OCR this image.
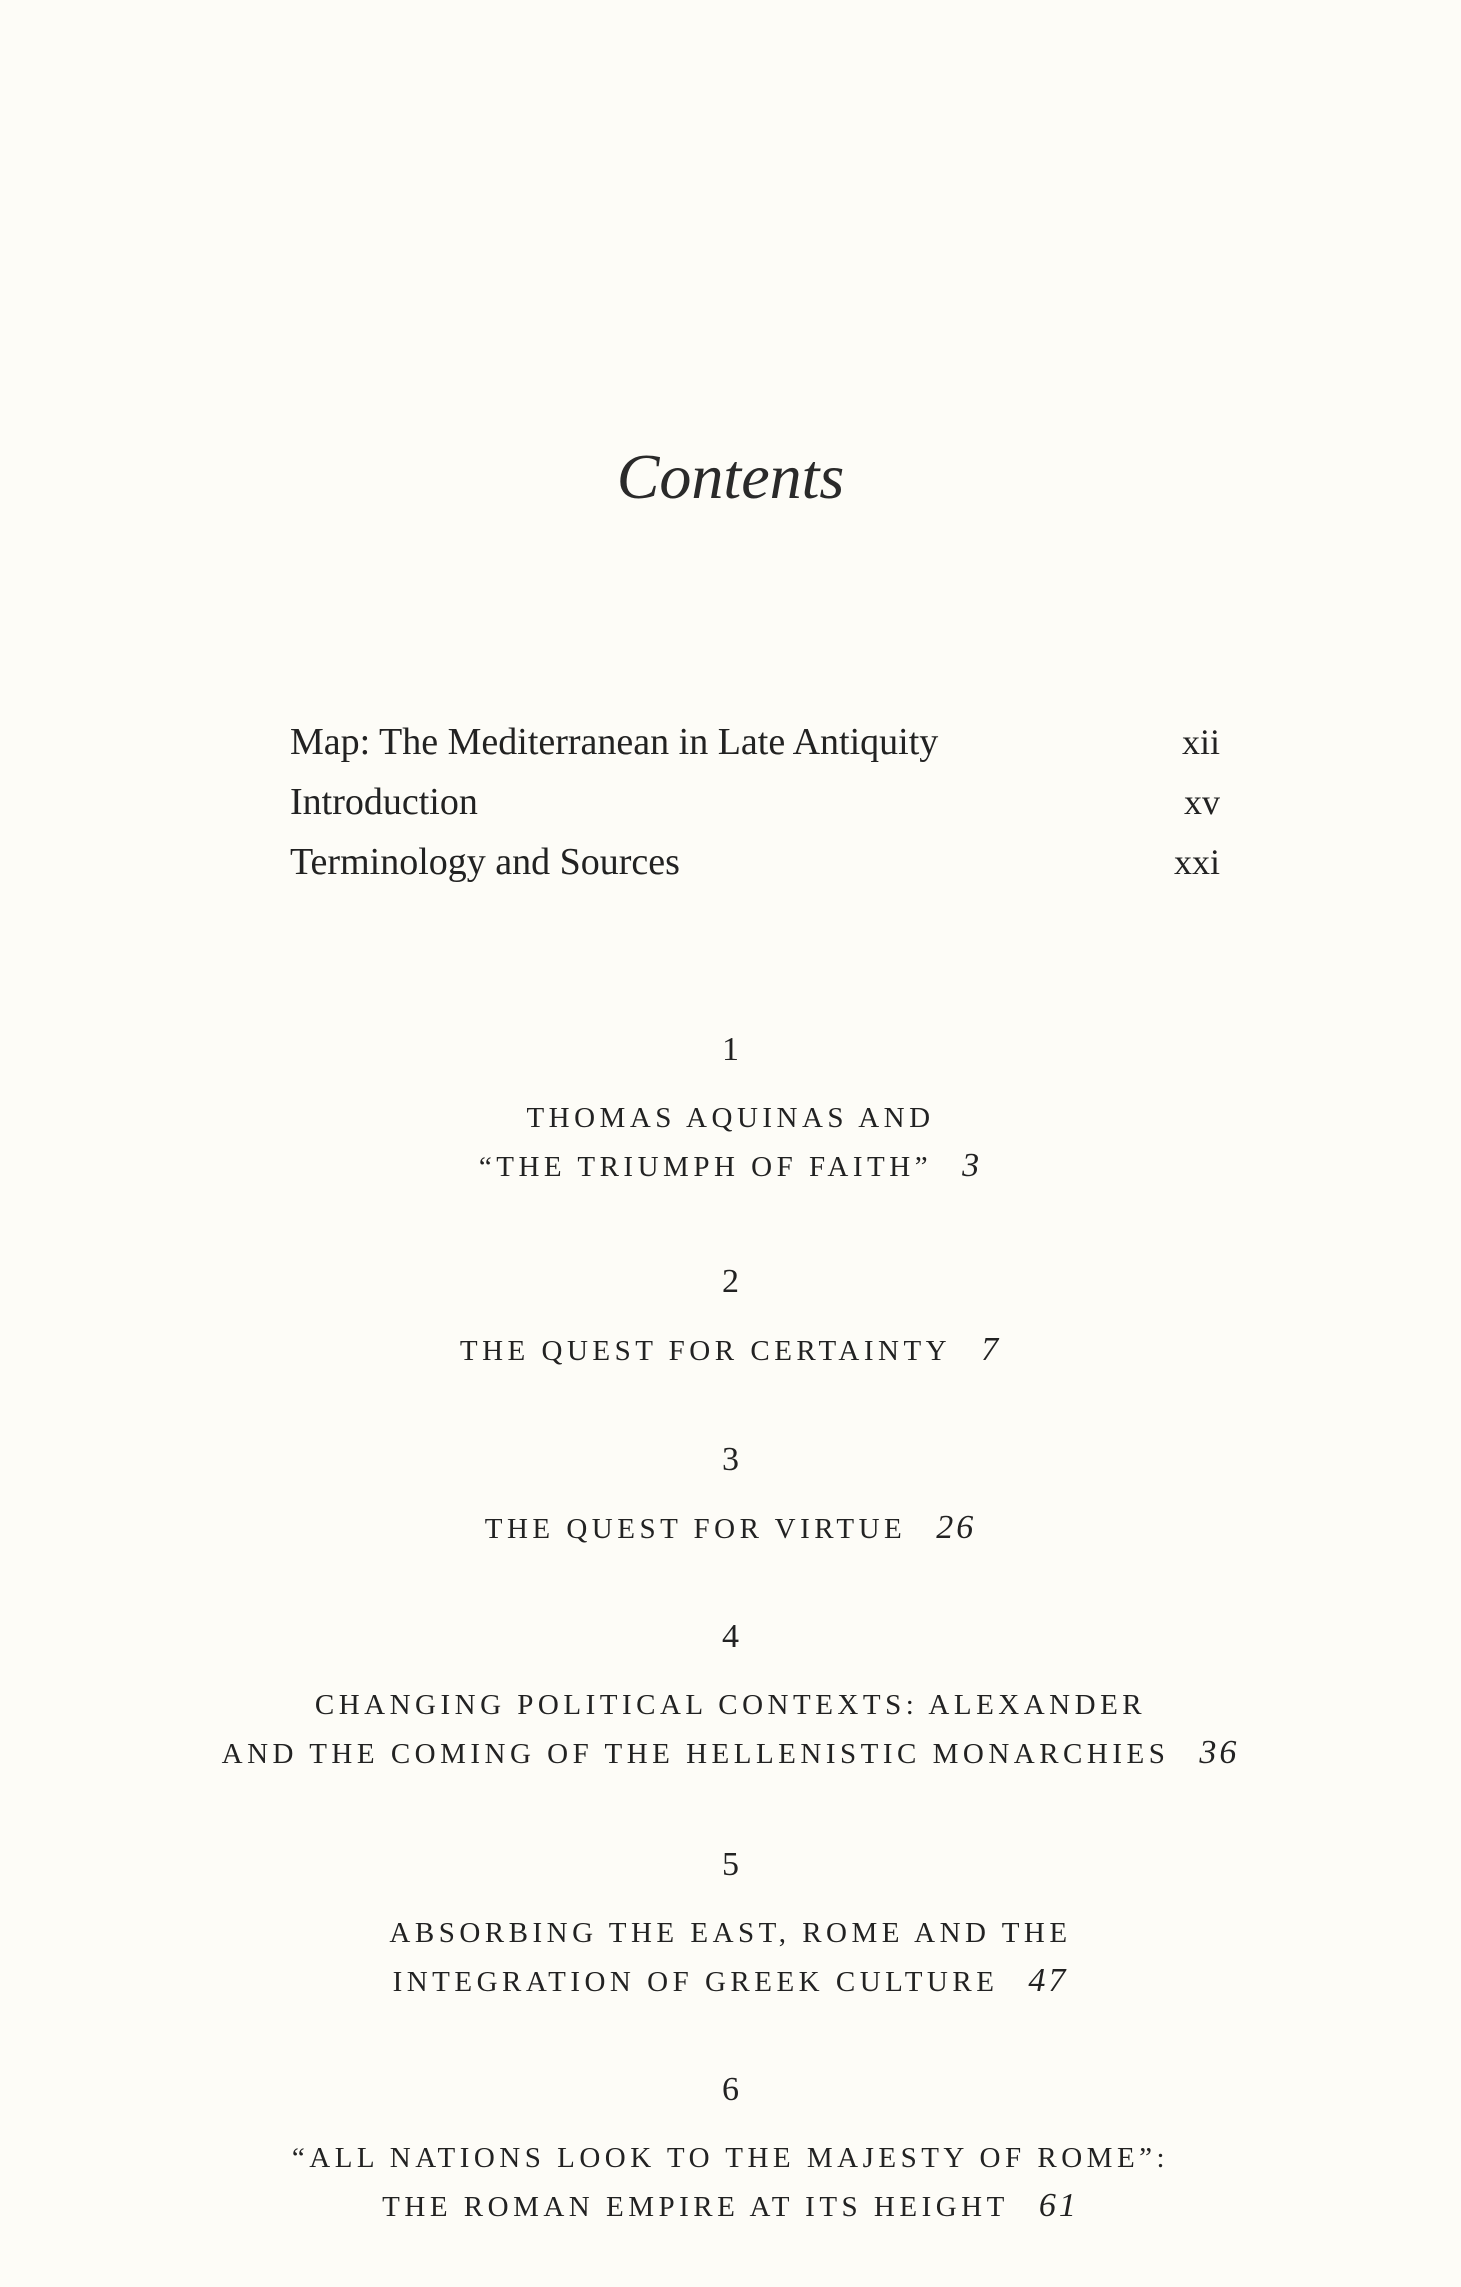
Contents
Map: The Mediterranean in Late Antiquity	xii
Introduction	xv
Terminology and Sources	xxi
1
THOMAS AQUINAS AND
“THE TRIUMPH OF FAITH” 3
2
THE QUEST FOR CERTAINTY 7
3
THE QUEST FOR VIRTUE 26
4
CHANGING POLITICAL CONTEXTS: ALEXANDER
AND THE COMING OF THE HELLENISTIC MONARCHIES 36
5
ABSORBING THE EAST, ROME AND THE
INTEGRATION OF GREEK CULTURE 47
6
“ALL NATIONS LOOK TO THE MAJESTY OF ROME”:
THE ROMAN EMPIRE AT ITS HEIGHT 61
